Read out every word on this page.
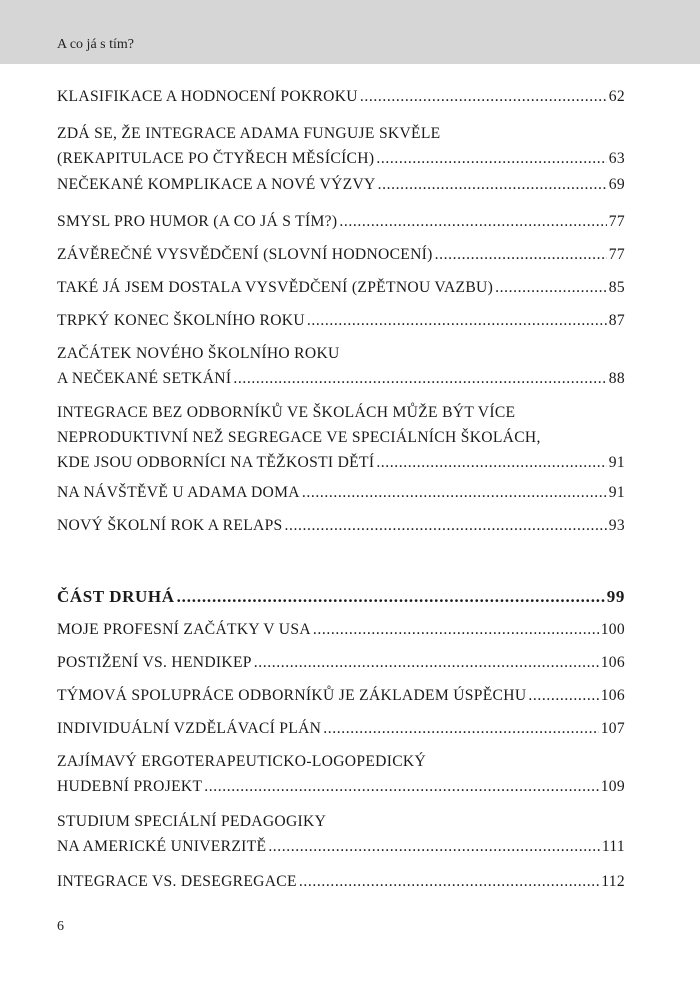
A co já s tím?
KLASIFIKACE A HODNOCENÍ POKROKU .....	62
ZDÁ SE, ŽE INTEGRACE ADAMA FUNGUJE SKVĚLE
(REKAPITULACE PO ČTYŘECH MĚSÍCÍCH) .....	63
NEČEKANÉ KOMPLIKACE A NOVÉ VÝZVY .....	69
SMYSL PRO HUMOR (A CO JÁ S TÍM?) .....	77
ZÁVĚREČNÉ VYSVĚDČENÍ (SLOVNÍ HODNOCENÍ) .....	77
TAKÉ JÁ JSEM DOSTALA VYSVĚDČENÍ (ZPĚTNOU VAZBU) .....	85
TRPKÝ KONEC ŠKOLNÍHO ROKU .....	87
ZAČÁTEK NOVÉHO ŠKOLNÍHO ROKU
A NEČEKANÉ SETKÁNÍ .....	88
INTEGRACE BEZ ODBORNÍKŮ VE ŠKOLÁCH MŮŽE BÝT VÍCE
NEPRODUKTIVNÍ NEŽ SEGREGACE VE SPECIÁLNÍCH ŠKOLÁCH,
KDE JSOU ODBORNÍCI NA TĚŽKOSTI DĚTÍ .....	91
NA NÁVŠTĚVĚ U ADAMA DOMA .....	91
NOVÝ ŠKOLNÍ ROK A RELAPS .....	93
ČÁST DRUHÁ .....	99
MOJE PROFESNÍ ZAČÁTKY V USA .....	100
POSTIŽENÍ VS. HENDIKEP .....	106
TÝMOVÁ SPOLUPRÁCE ODBORNÍKŮ JE ZÁKLADEM ÚSPĚCHU .....	106
INDIVIDUÁLNÍ VZDĚLÁVACÍ PLÁN .....	107
ZAJÍMAVÝ ERGOTERAPEUTICKO-LOGOPEDICKÝ
HUDEBNÍ PROJEKT .....	109
STUDIUM SPECIÁLNÍ PEDAGOGIKY
NA AMERICKÉ UNIVERZITĚ .....	111
INTEGRACE VS. DESEGREGACE .....	112
6
